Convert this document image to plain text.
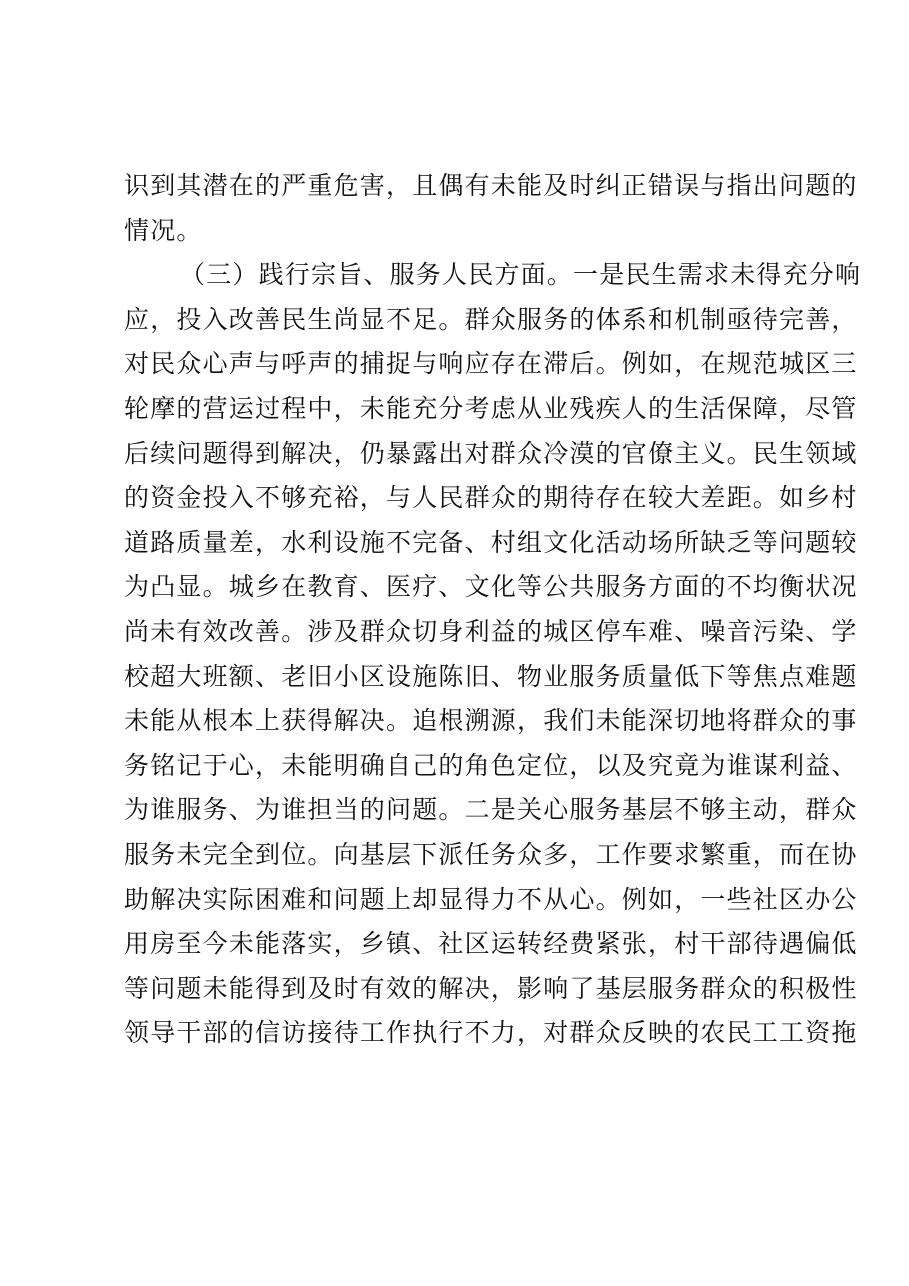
识到其潜在的严重危害，且偶有未能及时纠正错误与指出问题的
情况。
（三）践行宗旨、服务人民方面。一是民生需求未得充分响
应，投入改善民生尚显不足。群众服务的体系和机制亟待完善，
对民众心声与呼声的捕捉与响应存在滞后。例如，在规范城区三
轮摩的营运过程中，未能充分考虑从业残疾人的生活保障，尽管
后续问题得到解决，仍暴露出对群众冷漠的官僚主义。民生领域
的资金投入不够充裕，与人民群众的期待存在较大差距。如乡村
道路质量差，水利设施不完备、村组文化活动场所缺乏等问题较
为凸显。城乡在教育、医疗、文化等公共服务方面的不均衡状况
尚未有效改善。涉及群众切身利益的城区停车难、噪音污染、学
校超大班额、老旧小区设施陈旧、物业服务质量低下等焦点难题
未能从根本上获得解决。追根溯源，我们未能深切地将群众的事
务铭记于心，未能明确自己的角色定位，以及究竟为谁谋利益、
为谁服务、为谁担当的问题。二是关心服务基层不够主动，群众
服务未完全到位。向基层下派任务众多，工作要求繁重，而在协
助解决实际困难和问题上却显得力不从心。例如，一些社区办公
用房至今未能落实，乡镇、社区运转经费紧张，村干部待遇偏低
等问题未能得到及时有效的解决，影响了基层服务群众的积极性
领导干部的信访接待工作执行不力，对群众反映的农民工工资拖
